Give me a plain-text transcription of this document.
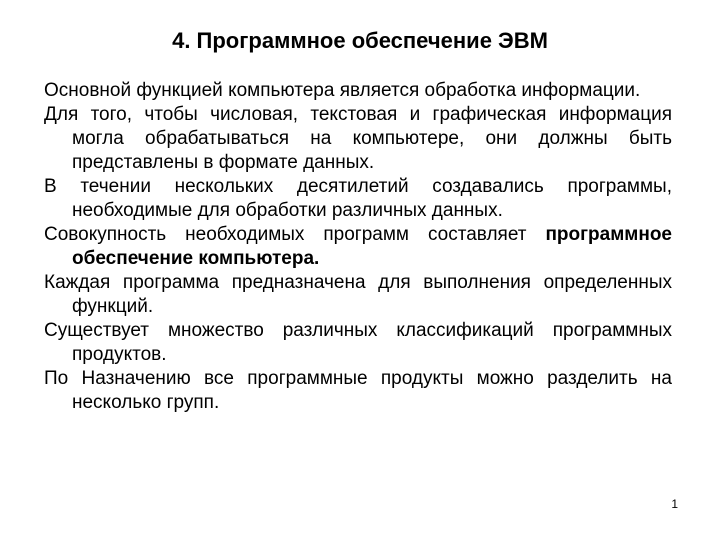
4. Программное обеспечение ЭВМ

Основной функцией компьютера является обработка информации.

Для того, чтобы числовая, текстовая и графическая информация могла обрабатываться на компьютере, они должны быть представлены в формате данных.

В течении нескольких десятилетий создавались программы, необходимые для обработки различных данных.

Совокупность необходимых программ составляет программное обеспечение компьютера.

Каждая программа предназначена для выполнения определенных функций.

Существует множество различных классификаций программных продуктов.

По Назначению все программные продукты можно разделить на несколько групп.

1
